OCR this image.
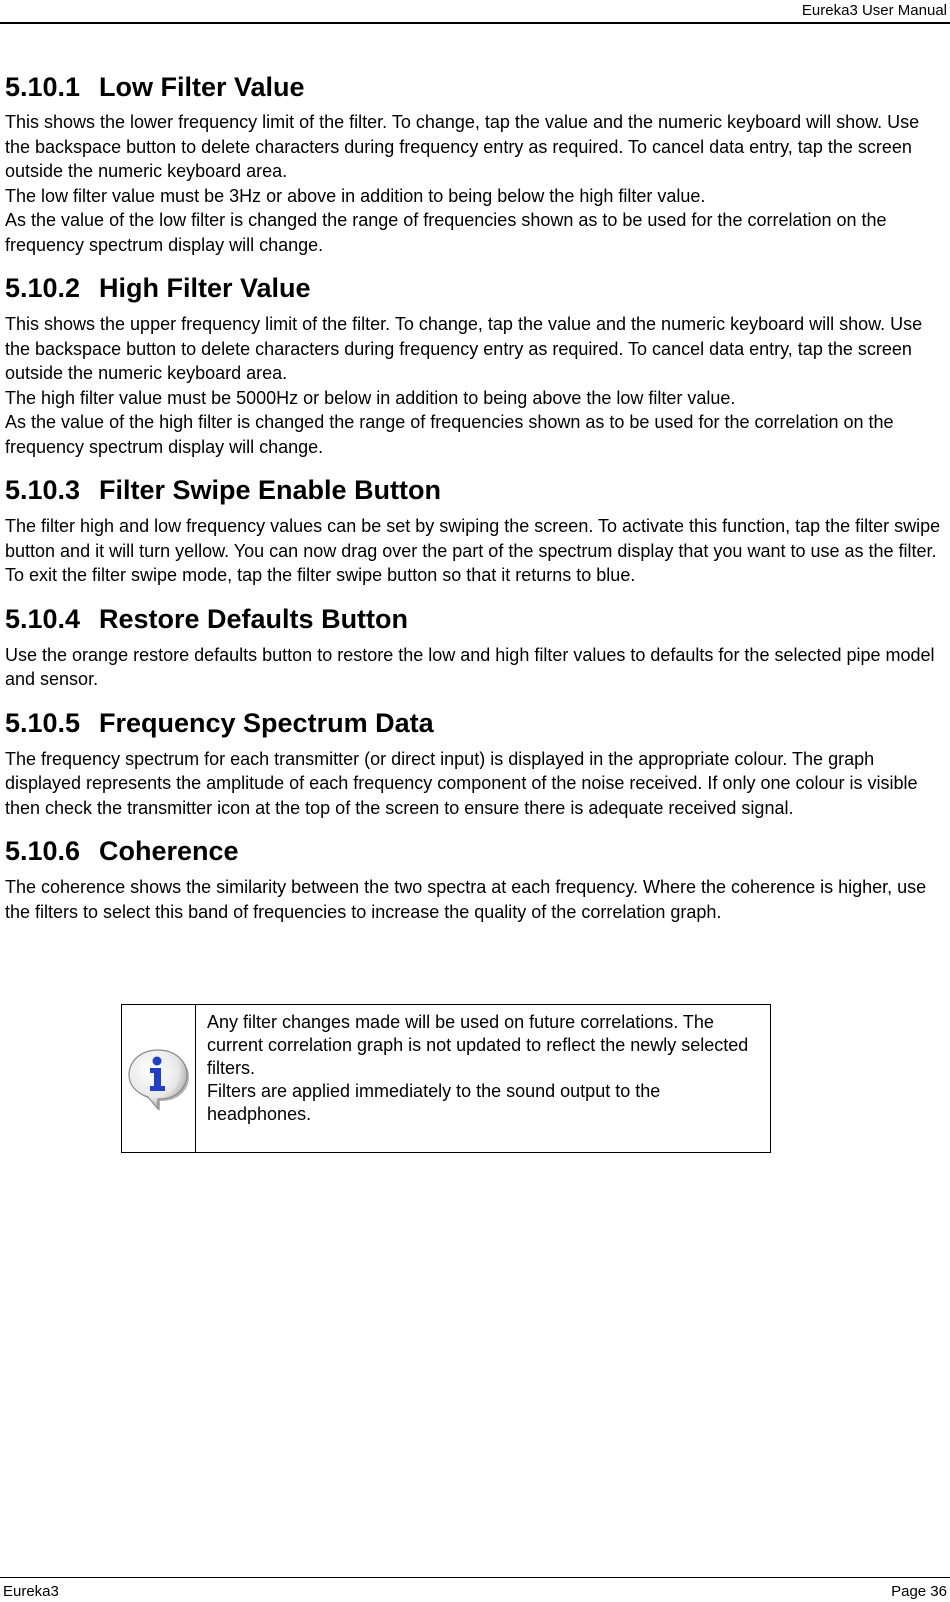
Eureka3 User Manual
5.10.1 Low Filter Value

This shows the lower frequency limit of the filter. To change, tap the value and the numeric keyboard will show. Use the backspace button to delete characters during frequency entry as required. To cancel data entry, tap the screen outside the numeric keyboard area.
The low filter value must be 3Hz or above in addition to being below the high filter value.
As the value of the low filter is changed the range of frequencies shown as to be used for the correlation on the frequency spectrum display will change.

5.10.2 High Filter Value

This shows the upper frequency limit of the filter. To change, tap the value and the numeric keyboard will show. Use the backspace button to delete characters during frequency entry as required. To cancel data entry, tap the screen outside the numeric keyboard area.
The high filter value must be 5000Hz or below in addition to being above the low filter value.
As the value of the high filter is changed the range of frequencies shown as to be used for the correlation on the frequency spectrum display will change.

5.10.3 Filter Swipe Enable Button

The filter high and low frequency values can be set by swiping the screen. To activate this function, tap the filter swipe button and it will turn yellow. You can now drag over the part of the spectrum display that you want to use as the filter. To exit the filter swipe mode, tap the filter swipe button so that it returns to blue.

5.10.4 Restore Defaults Button

Use the orange restore defaults button to restore the low and high filter values to defaults for the selected pipe model and sensor.

5.10.5 Frequency Spectrum Data

The frequency spectrum for each transmitter (or direct input) is displayed in the appropriate colour. The graph displayed represents the amplitude of each frequency component of the noise received. If only one colour is visible then check the transmitter icon at the top of the screen to ensure there is adequate received signal.

5.10.6 Coherence

The coherence shows the similarity between the two spectra at each frequency. Where the coherence is higher, use the filters to select this band of frequencies to increase the quality of the correlation graph.

Any filter changes made will be used on future correlations. The current correlation graph is not updated to reflect the newly selected filters.
Filters are applied immediately to the sound output to the headphones.
Eureka3	Page 36
